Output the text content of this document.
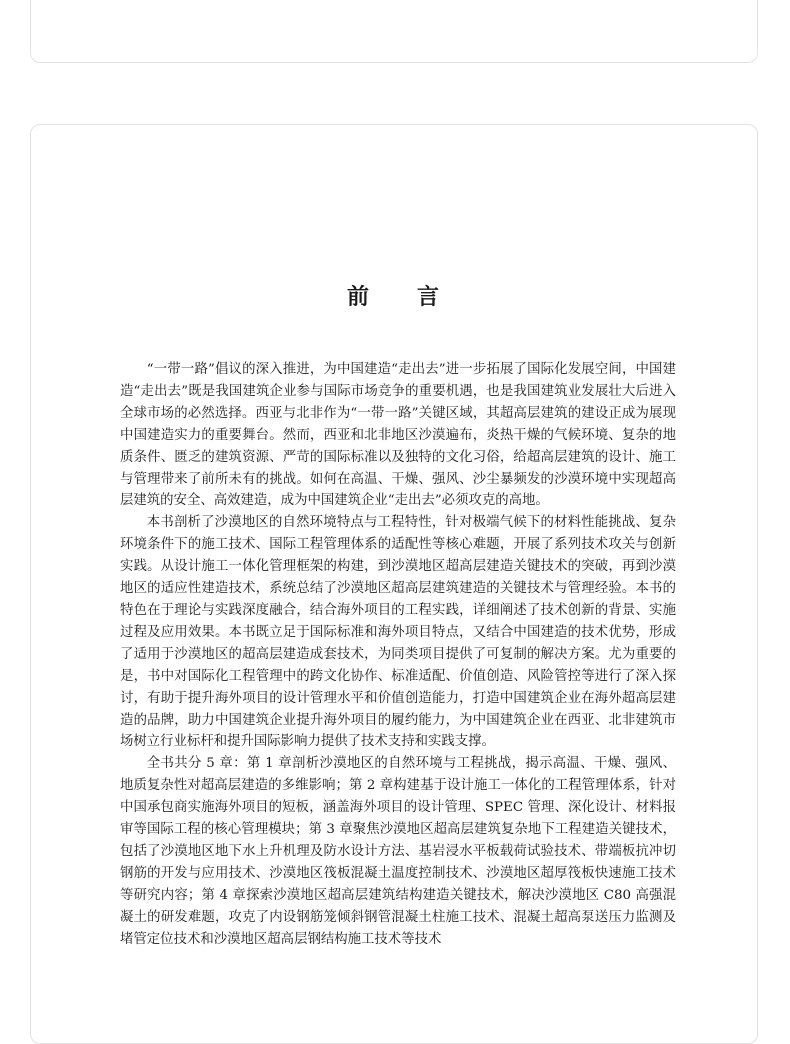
前 言

“一带一路”倡议的深入推进，为中国建造“走出去”进一步拓展了国际化发展空间，中国建造“走出去”既是我国建筑企业参与国际市场竞争的重要机遇，也是我国建筑业发展壮大后进入全球市场的必然选择。西亚与北非作为“一带一路”关键区域，其超高层建筑的建设正成为展现中国建造实力的重要舞台。然而，西亚和北非地区沙漠遍布，炎热干燥的气候环境、复杂的地质条件、匮乏的建筑资源、严苛的国际标准以及独特的文化习俗，给超高层建筑的设计、施工与管理带来了前所未有的挑战。如何在高温、干燥、强风、沙尘暴频发的沙漠环境中实现超高层建筑的安全、高效建造，成为中国建筑企业“走出去”必须攻克的高地。

本书剖析了沙漠地区的自然环境特点与工程特性，针对极端气候下的材料性能挑战、复杂环境条件下的施工技术、国际工程管理体系的适配性等核心难题，开展了系列技术攻关与创新实践。从设计施工一体化管理框架的构建，到沙漠地区超高层建造关键技术的突破，再到沙漠地区的适应性建造技术，系统总结了沙漠地区超高层建筑建造的关键技术与管理经验。本书的特色在于理论与实践深度融合，结合海外项目的工程实践，详细阐述了技术创新的背景、实施过程及应用效果。本书既立足于国际标准和海外项目特点，又结合中国建造的技术优势，形成了适用于沙漠地区的超高层建造成套技术，为同类项目提供了可复制的解决方案。尤为重要的是，书中对国际化工程管理中的跨文化协作、标准适配、价值创造、风险管控等进行了深入探讨，有助于提升海外项目的设计管理水平和价值创造能力，打造中国建筑企业在海外超高层建造的品牌，助力中国建筑企业提升海外项目的履约能力，为中国建筑企业在西亚、北非建筑市场树立行业标杆和提升国际影响力提供了技术支持和实践支撑。

全书共分 5 章：第 1 章剖析沙漠地区的自然环境与工程挑战，揭示高温、干燥、强风、地质复杂性对超高层建造的多维影响；第 2 章构建基于设计施工一体化的工程管理体系，针对中国承包商实施海外项目的短板，涵盖海外项目的设计管理、SPEC 管理、深化设计、材料报审等国际工程的核心管理模块；第 3 章聚焦沙漠地区超高层建筑复杂地下工程建造关键技术，包括了沙漠地区地下水上升机理及防水设计方法、基岩浸水平板载荷试验技术、带端板抗冲切钢筋的开发与应用技术、沙漠地区筏板混凝土温度控制技术、沙漠地区超厚筏板快速施工技术等研究内容；第 4 章探索沙漠地区超高层建筑结构建造关键技术，解决沙漠地区 C80 高强混凝土的研发难题，攻克了内设钢筋笼倾斜钢管混凝土柱施工技术、混凝土超高泵送压力监测及堵管定位技术和沙漠地区超高层钢结构施工技术等技术
